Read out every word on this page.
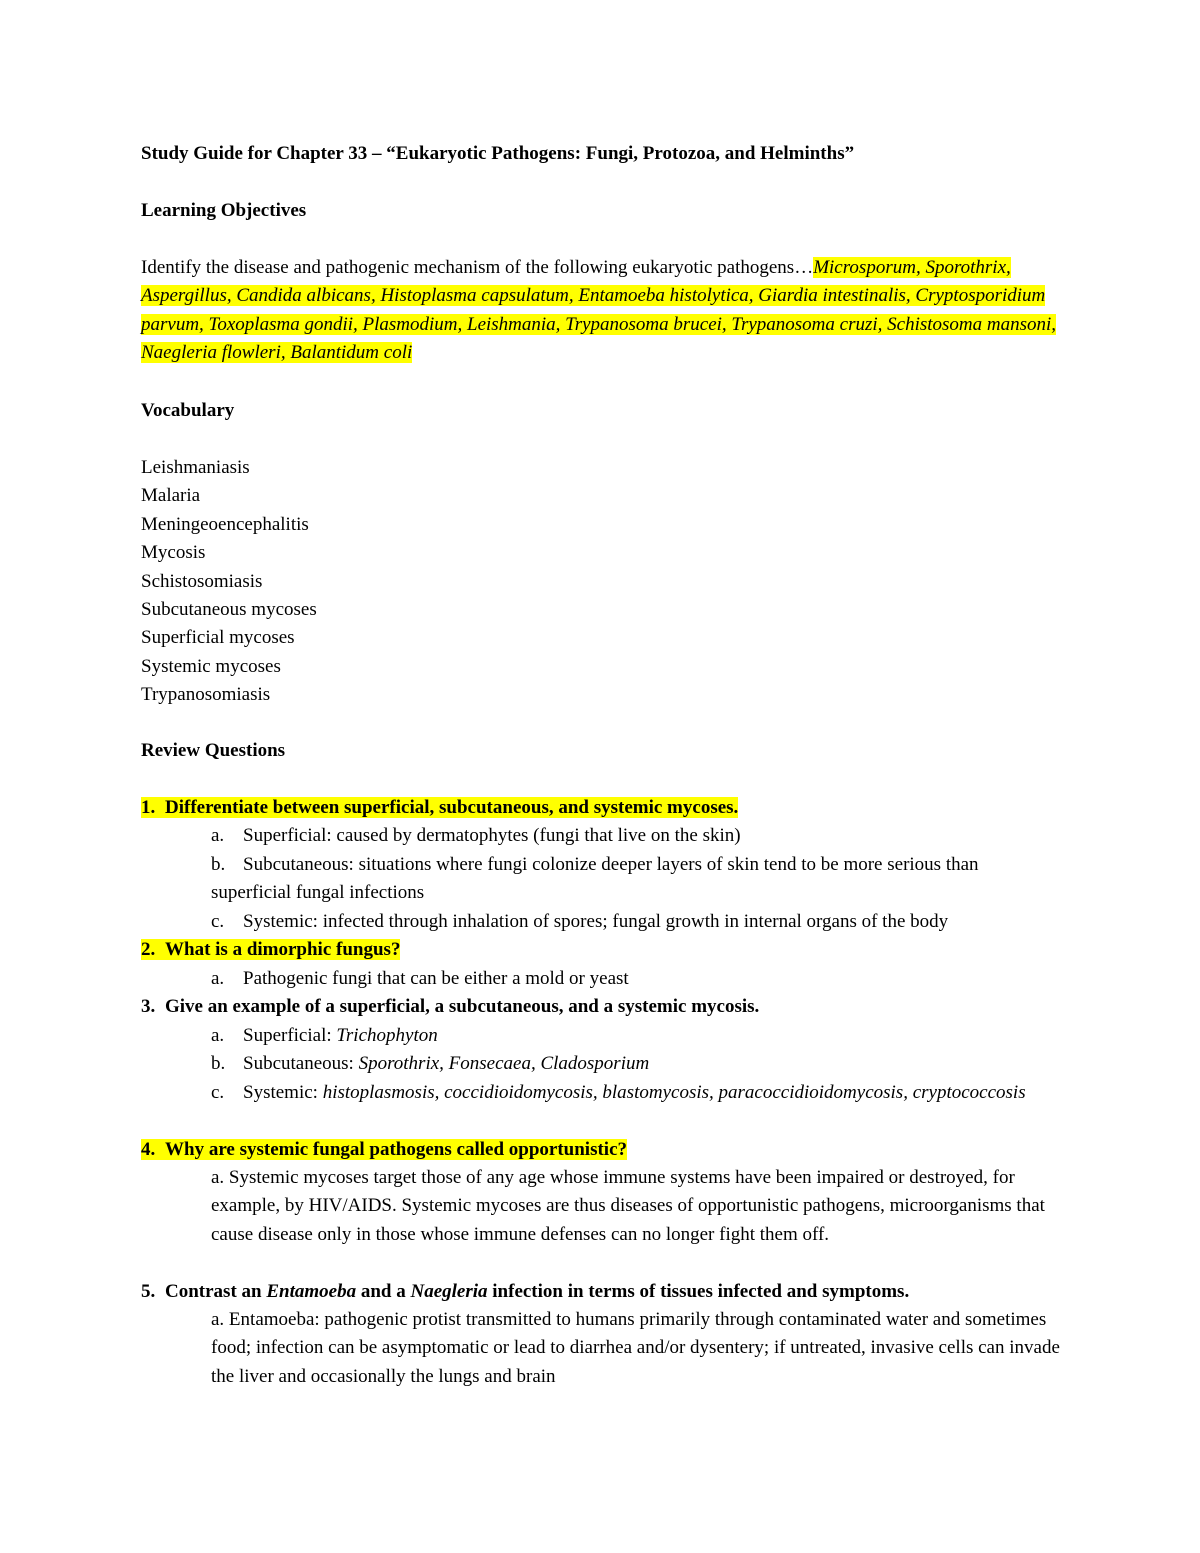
Study Guide for Chapter 33 – “Eukaryotic Pathogens: Fungi, Protozoa, and Helminths”
Learning Objectives
Identify the disease and pathogenic mechanism of the following eukaryotic pathogens…Microsporum, Sporothrix, Aspergillus, Candida albicans, Histoplasma capsulatum, Entamoeba histolytica, Giardia intestinalis, Cryptosporidium parvum, Toxoplasma gondii, Plasmodium, Leishmania, Trypanosoma brucei, Trypanosoma cruzi, Schistosoma mansoni, Naegleria flowleri, Balantidum coli
Vocabulary
Leishmaniasis
Malaria
Meningeoencephalitis
Mycosis
Schistosomiasis
Subcutaneous mycoses
Superficial mycoses
Systemic mycoses
Trypanosomiasis
Review Questions
1. Differentiate between superficial, subcutaneous, and systemic mycoses.
a. Superficial: caused by dermatophytes (fungi that live on the skin)
b. Subcutaneous: situations where fungi colonize deeper layers of skin tend to be more serious than superficial fungal infections
c. Systemic: infected through inhalation of spores; fungal growth in internal organs of the body
2. What is a dimorphic fungus?
a. Pathogenic fungi that can be either a mold or yeast
3. Give an example of a superficial, a subcutaneous, and a systemic mycosis.
a. Superficial: Trichophyton
b. Subcutaneous: Sporothrix, Fonsecaea, Cladosporium
c. Systemic: histoplasmosis, coccidioidomycosis, blastomycosis, paracoccidioidomycosis, cryptococcosis
4. Why are systemic fungal pathogens called opportunistic?
a. Systemic mycoses target those of any age whose immune systems have been impaired or destroyed, for example, by HIV/AIDS. Systemic mycoses are thus diseases of opportunistic pathogens, microorganisms that cause disease only in those whose immune defenses can no longer fight them off.
5. Contrast an Entamoeba and a Naegleria infection in terms of tissues infected and symptoms.
a. Entamoeba: pathogenic protist transmitted to humans primarily through contaminated water and sometimes food; infection can be asymptomatic or lead to diarrhea and/or dysentery; if untreated, invasive cells can invade the liver and occasionally the lungs and brain
